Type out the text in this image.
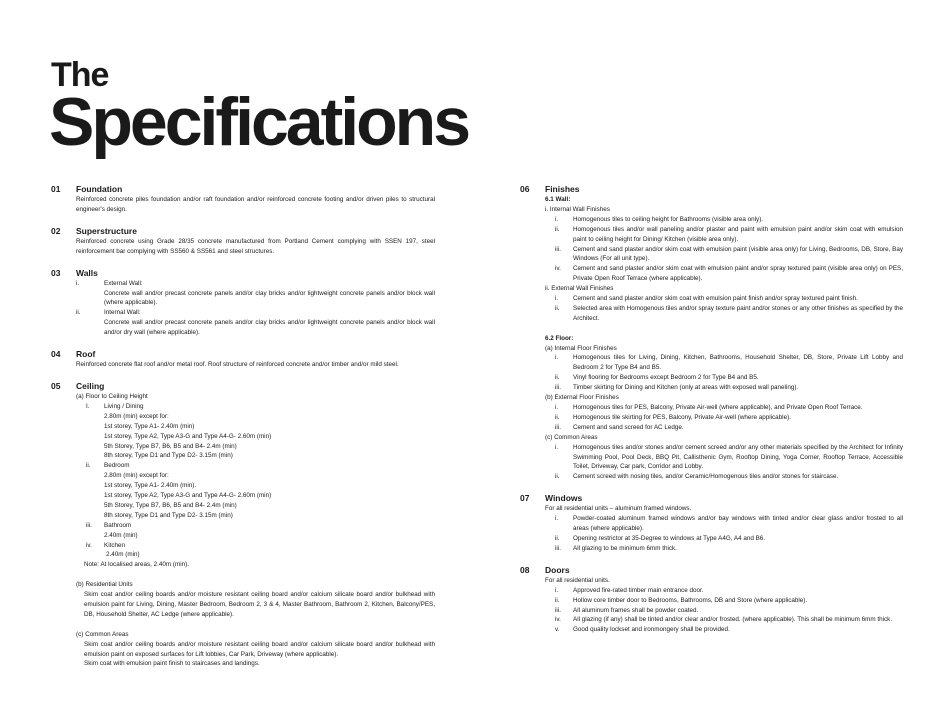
The
Specifications
01 Foundation
Reinforced concrete piles foundation and/or raft foundation and/or reinforced concrete footing and/or driven piles to structural engineer's design.
02 Superstructure
Reinforced concrete using Grade 28/35 concrete manufactured from Portland Cement complying with SSEN 197, steel reinforcement bar complying with SS560 & SS561 and steel structures.
03 Walls
i.	External Wall:
Concrete wall and/or precast concrete panels and/or clay bricks and/or lightweight concrete panels and/or block wall (where applicable).
ii.	Internal Wall:
Concrete wall and/or precast concrete panels and/or clay bricks and/or lightweight concrete panels and/or block wall and/or dry wall (where applicable).
04 Roof
Reinforced concrete flat roof and/or metal roof. Roof structure of reinforced concrete and/or timber and/or mild steel.
05 Ceiling
(a) Floor to Ceiling Height
I. Living / Dining
2.80m (min) except for:
1st storey, Type A1- 2.40m (min)
1st storey, Type A2, Type A3-G and Type A4-G- 2.60m (min)
5th Storey, Type B7, B6, B5 and B4- 2.4m (min)
8th storey, Type D1 and Type D2- 3.15m (min)
ii. Bedroom
2.80m (min) except for:
1st storey, Type A1- 2.40m (min).
1st storey, Type A2, Type A3-G and Type A4-G- 2.60m (min)
5th Storey, Type B7, B6, B5 and B4- 2.4m (min)
8th storey, Type D1 and Type D2- 3.15m (min)
iii. Bathroom
2.40m (min)
iv. Kitchen
2.40m (min)
Note: At localised areas, 2.40m (min).
(b) Residential Units
Skim coat and/or ceiling boards and/or moisture resistant ceiling board and/or calcium silicate board and/or bulkhead with emulsion paint for Living, Dining, Master Bedroom, Bedroom 2, 3 & 4, Master Bathroom, Bathroom 2, Kitchen, Balcony/PES, DB, Household Shelter, AC Ledge (where applicable).
(c) Common Areas
Skim coat and/or ceiling boards and/or moisture resistant ceiling board and/or calcium silicate board and/or bulkhead with emulsion paint on exposed surfaces for Lift lobbies, Car Park, Driveway (where applicable).
Skim coat with emulsion paint finish to staircases and landings.
06 Finishes
6.1 Wall:
i. Internal Wall Finishes
i. Homogenous tiles to ceiling height for Bathrooms (visible area only).
ii. Homogenous tiles and/or wall paneling and/or plaster and paint with emulsion paint and/or skim coat with emulsion paint to ceiling height for Dining/ Kitchen (visible area only).
iii. Cement and sand plaster and/or skim coat with emulsion paint (visible area only) for Living, Bedrooms, DB, Store, Bay Windows (For all unit type).
iv. Cement and sand plaster and/or skim coat with emulsion paint and/or spray textured paint (visible area only) on PES, Private Open Roof Terrace (where applicable).
ii. External Wall Finishes
i. Cement and sand plaster and/or skim coat with emulsion paint finish and/or spray textured paint finish.
ii. Selected area with Homogenous tiles and/or spray texture paint and/or stones or any other finishes as specified by the Architect.
6.2 Floor:
(a) Internal Floor Finishes
i. Homogenous tiles for Living, Dining, Kitchen, Bathrooms, Household Shelter, DB, Store, Private Lift Lobby and Bedroom 2 for Type B4 and B5.
ii. Vinyl flooring for Bedrooms except Bedroom 2 for Type B4 and B5.
iii. Timber skirting for Dining and Kitchen (only at areas with exposed wall paneling).
(b) External Floor Finishes
i. Homogenous tiles for PES, Balcony, Private Air-well (where applicable), and Private Open Roof Terrace.
ii. Homogenous tile skirting for PES, Balcony, Private Air-well (where applicable).
iii. Cement and sand screed for AC Ledge.
(c) Common Areas
i. Homogenous tiles and/or stones and/or cement screed and/or any other materials specified by the Architect for Infinity Swimming Pool, Pool Deck, BBQ Pit, Callisthenic Gym, Rooftop Dining, Yoga Corner, Rooftop Terrace, Accessible Toilet, Driveway, Car park, Corridor and Lobby.
ii. Cement screed with nosing tiles, and/or Ceramic/Homogenous tiles and/or stones for staircase.
07 Windows
For all residential units – aluminum framed windows.
i. Powder-coated aluminum framed windows and/or bay windows with tinted and/or clear glass and/or frosted to all areas (where applicable).
ii. Opening restrictor at 35-Degree to windows at Type A4G, A4 and B6.
iii. All glazing to be minimum 6mm thick.
08 Doors
For all residential units.
i. Approved fire-rated timber main entrance door.
ii. Hollow core timber door to Bedrooms, Bathrooms, DB and Store (where applicable).
iii. All aluminum frames shall be powder coated.
iv. All glazing (if any) shall be tinted and/or clear and/or frosted. (where applicable). This shall be minimum 6mm thick.
v. Good quality lockset and ironmongery shall be provided.
